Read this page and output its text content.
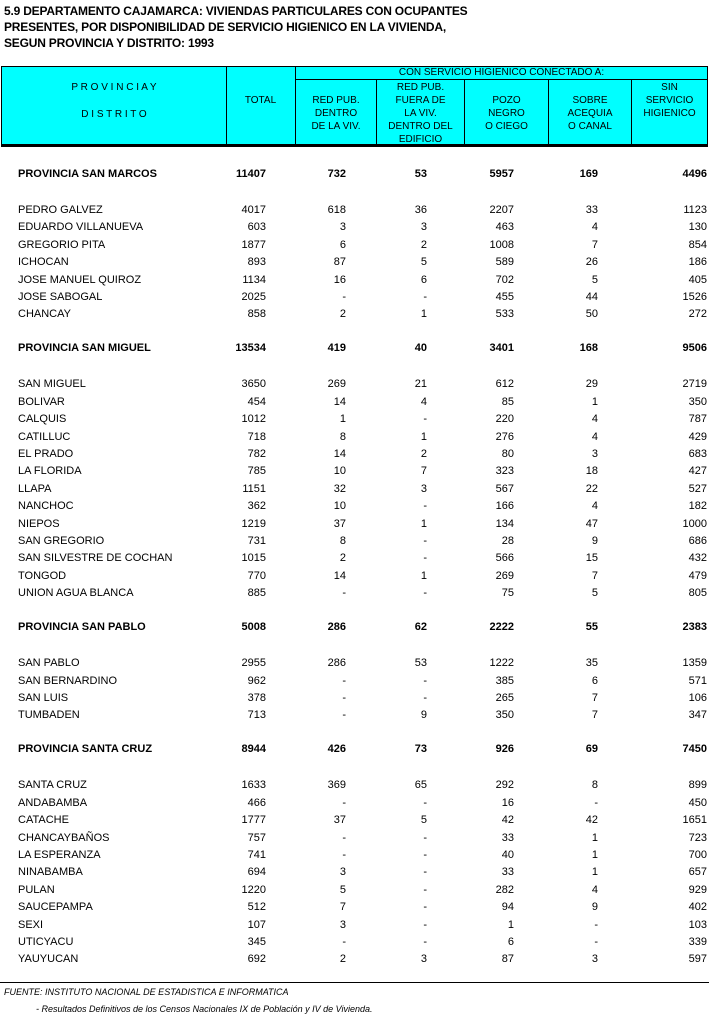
5.9 DEPARTAMENTO CAJAMARCA: VIVIENDAS PARTICULARES CON OCUPANTES
PRESENTES, POR DISPONIBILIDAD DE SERVICIO HIGIENICO EN LA VIVIENDA,
SEGUN PROVINCIA Y DISTRITO: 1993
P R O V I N C I A Y
D I S T R I T O
TOTAL
CON SERVICIO HIGIENICO CONECTADO A:
RED PUB.
DENTRO
DE LA VIV.
RED PUB.
FUERA DE
LA VIV.
DENTRO DEL
EDIFICIO
POZO
NEGRO
O CIEGO
SOBRE
ACEQUIA
O CANAL
SIN
SERVICIO
HIGIENICO
PROVINCIA SAN MARCOS	11407	732	53	5957	169	4496
PEDRO GALVEZ	4017	618	36	2207	33	1123
EDUARDO VILLANUEVA	603	3	3	463	4	130
GREGORIO PITA	1877	6	2	1008	7	854
ICHOCAN	893	87	5	589	26	186
JOSE MANUEL QUIROZ	1134	16	6	702	5	405
JOSE SABOGAL	2025	-	-	455	44	1526
CHANCAY	858	2	1	533	50	272
PROVINCIA SAN MIGUEL	13534	419	40	3401	168	9506
SAN MIGUEL	3650	269	21	612	29	2719
BOLIVAR	454	14	4	85	1	350
CALQUIS	1012	1	-	220	4	787
CATILLUC	718	8	1	276	4	429
EL PRADO	782	14	2	80	3	683
LA FLORIDA	785	10	7	323	18	427
LLAPA	1151	32	3	567	22	527
NANCHOC	362	10	-	166	4	182
NIEPOS	1219	37	1	134	47	1000
SAN GREGORIO	731	8	-	28	9	686
SAN SILVESTRE DE COCHAN	1015	2	-	566	15	432
TONGOD	770	14	1	269	7	479
UNION AGUA BLANCA	885	-	-	75	5	805
PROVINCIA SAN PABLO	5008	286	62	2222	55	2383
SAN PABLO	2955	286	53	1222	35	1359
SAN BERNARDINO	962	-	-	385	6	571
SAN LUIS	378	-	-	265	7	106
TUMBADEN	713	-	9	350	7	347
PROVINCIA SANTA CRUZ	8944	426	73	926	69	7450
SANTA CRUZ	1633	369	65	292	8	899
ANDABAMBA	466	-	-	16	-	450
CATACHE	1777	37	5	42	42	1651
CHANCAYBAÑOS	757	-	-	33	1	723
LA ESPERANZA	741	-	-	40	1	700
NINABAMBA	694	3	-	33	1	657
PULAN	1220	5	-	282	4	929
SAUCEPAMPA	512	7	-	94	9	402
SEXI	107	3	-	1	-	103
UTICYACU	345	-	-	6	-	339
YAUYUCAN	692	2	3	87	3	597
FUENTE: INSTITUTO NACIONAL DE ESTADISTICA E INFORMATICA
- Resultados Definitivos de los Censos Nacionales IX de Población y IV de Vivienda.
